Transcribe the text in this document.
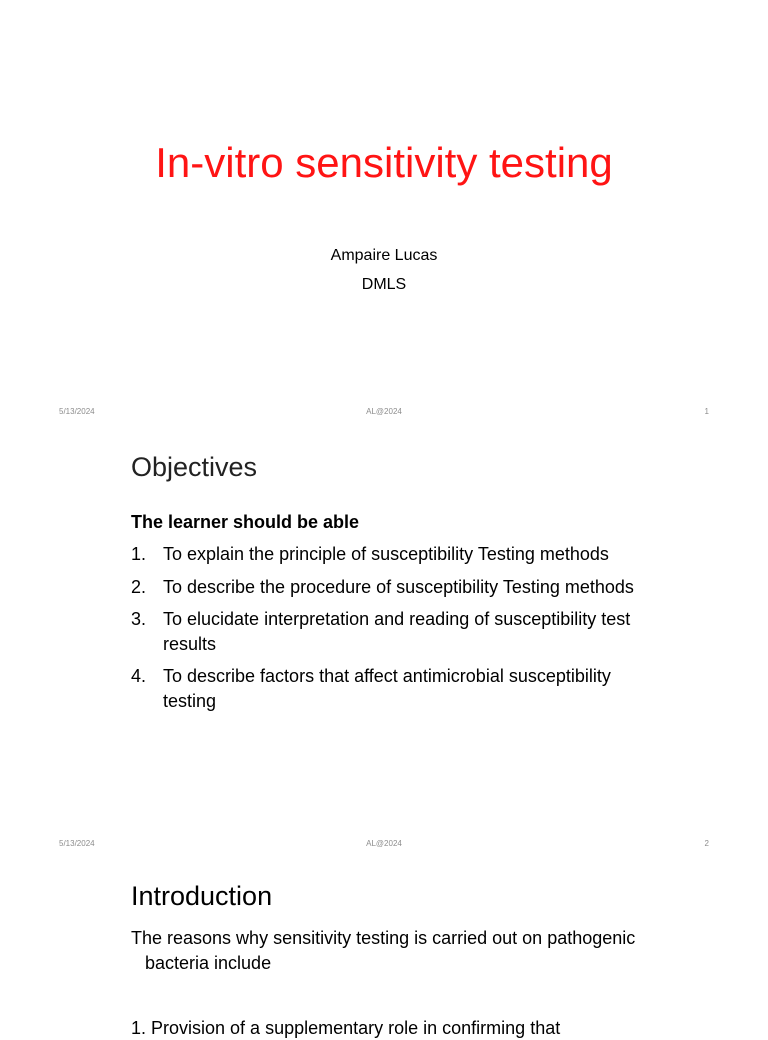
In-vitro sensitivity testing

Ampaire Lucas

DMLS

5/13/2024	AL@2024	1
Objectives

The learner should be able

1. To explain the principle of susceptibility Testing methods
2. To describe the procedure of susceptibility Testing methods
3. To elucidate interpretation and reading of susceptibility test results
4. To describe factors that affect antimicrobial susceptibility testing
5/13/2024	AL@2024	2
Introduction

The reasons why sensitivity testing is carried out on pathogenic bacteria include

1. Provision of a supplementary role in confirming that
